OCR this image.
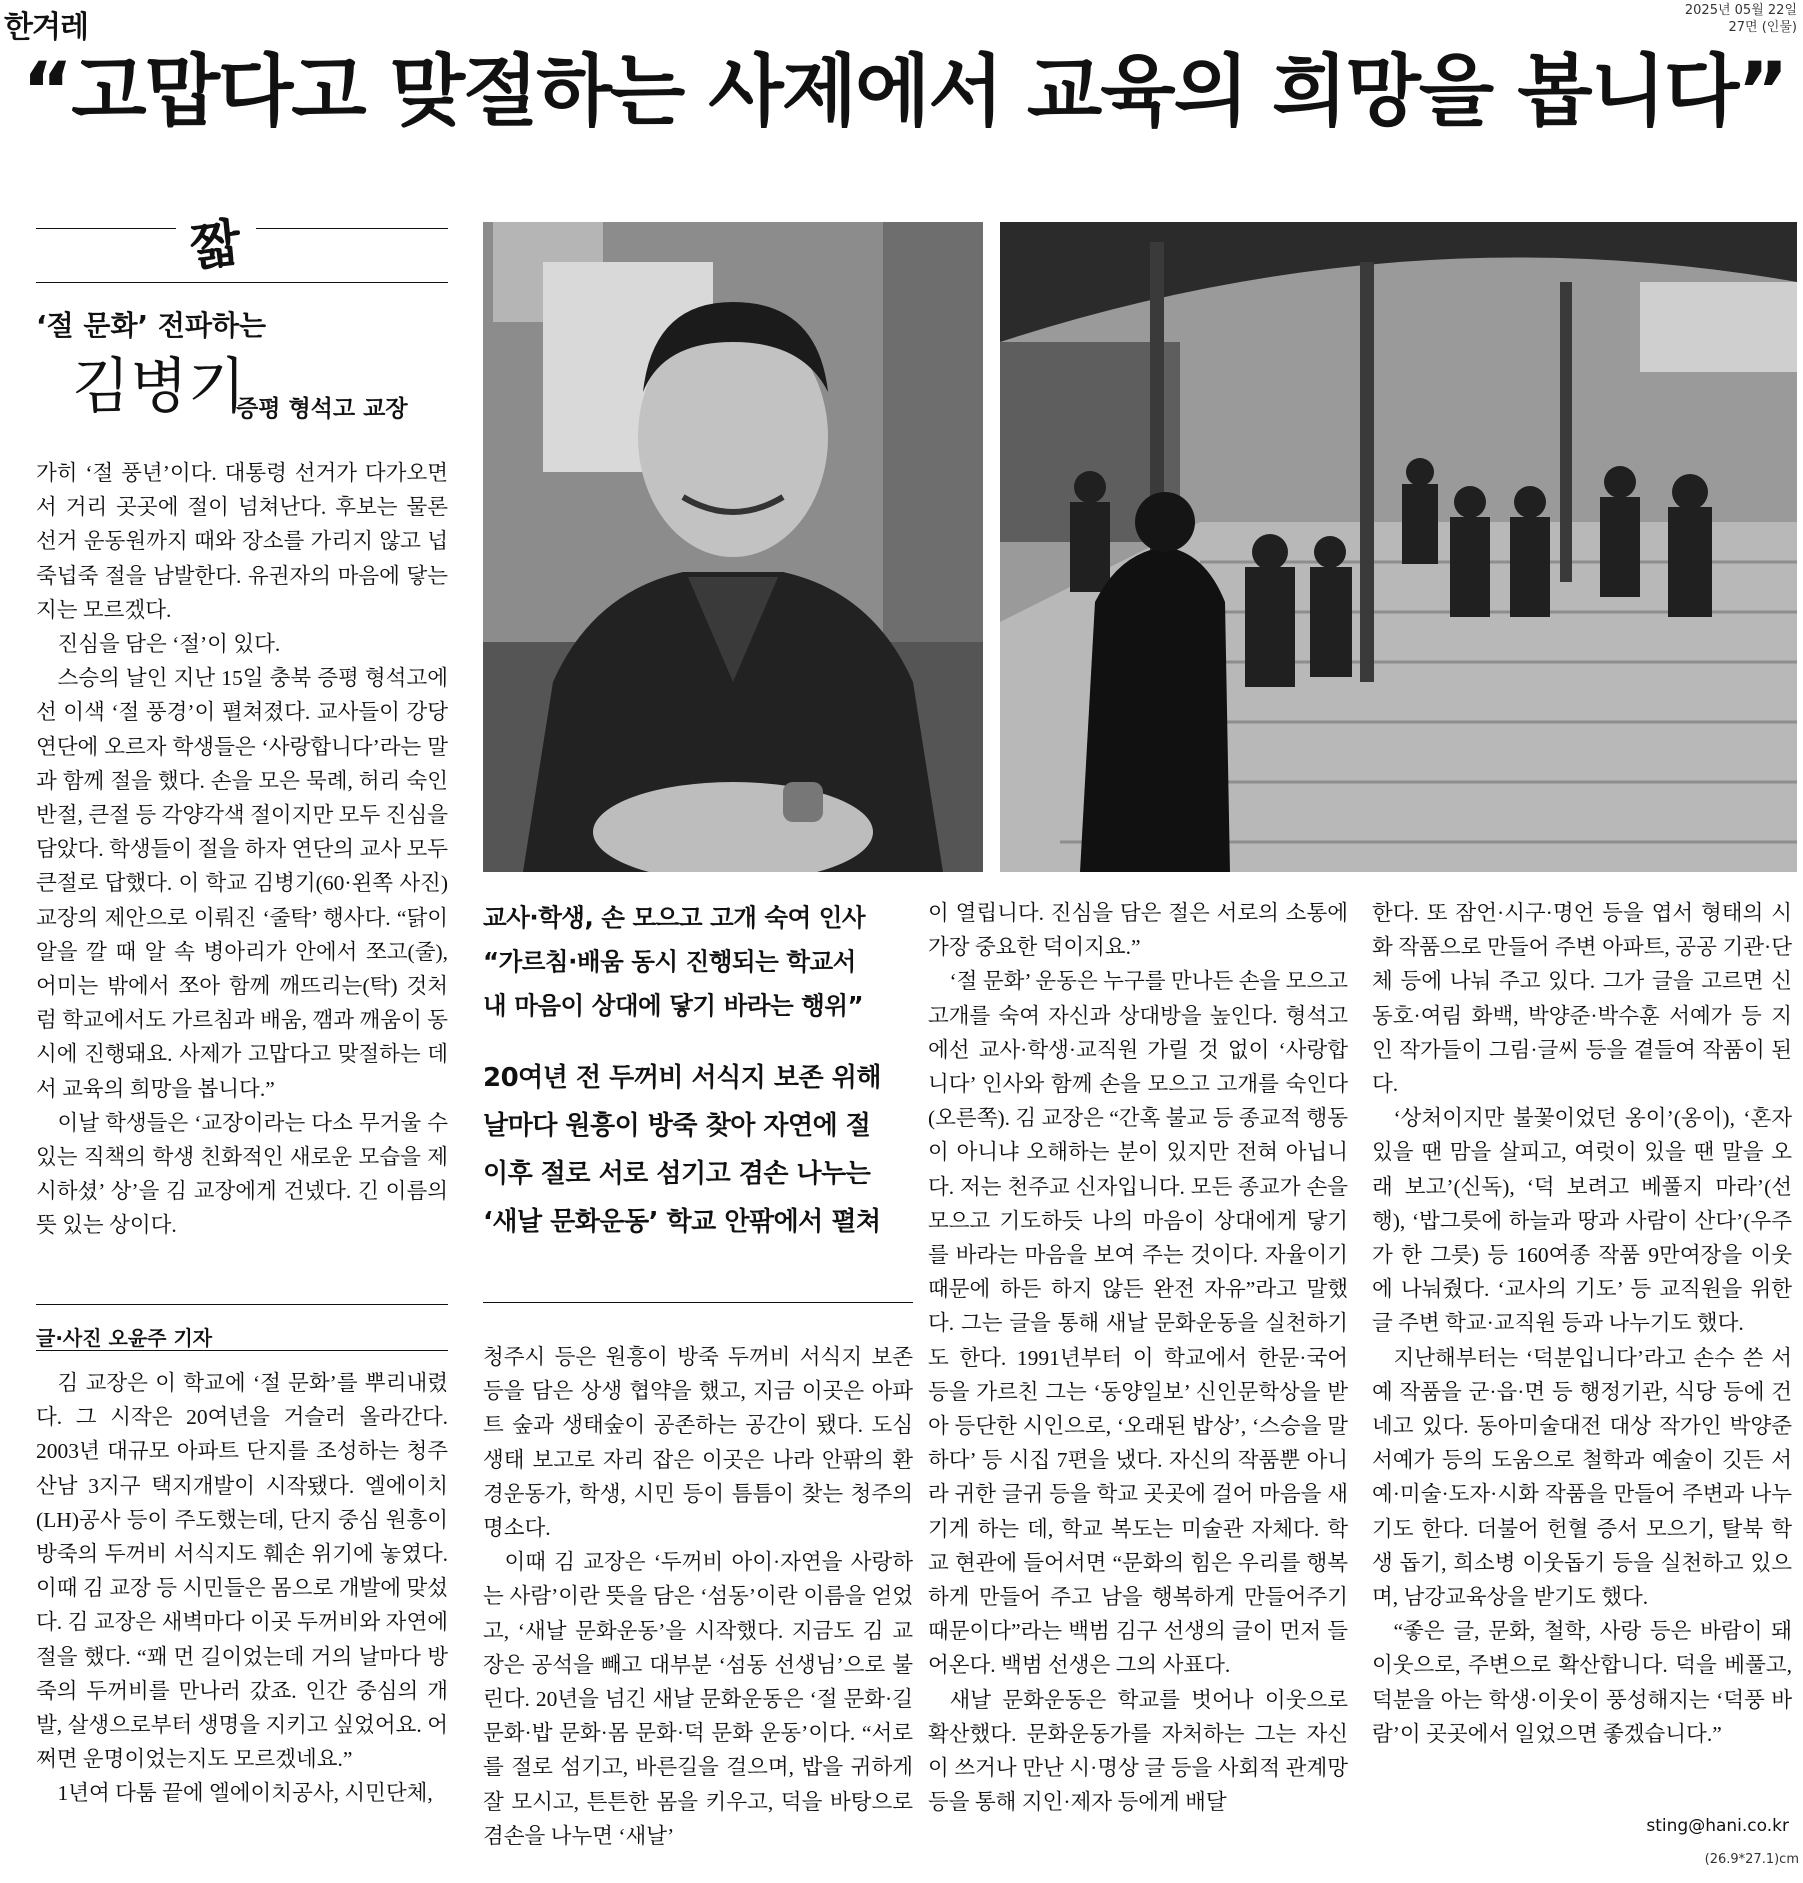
한겨레	2025년 05월 22일
27면 (인물)
“고맙다고 맞절하는 사제에서 교육의 희망을 봅니다”
짧
‘절 문화’ 전파하는
김병기
증평 형석고 교장

가히 ‘절 풍년’이다. 대통령 선거가 다가오면서 거리 곳곳에 절이 넘쳐난다. 후보는 물론 선거 운동원까지 때와 장소를 가리지 않고 넙죽넙죽 절을 남발한다. 유권자의 마음에 닿는지는 모르겠다.

진심을 담은 ‘절’이 있다.

스승의 날인 지난 15일 충북 증평 형석고에선 이색 ‘절 풍경’이 펼쳐졌다. 교사들이 강당 연단에 오르자 학생들은 ‘사랑합니다’라는 말과 함께 절을 했다. 손을 모은 묵례, 허리 숙인 반절, 큰절 등 각양각색 절이지만 모두 진심을 담았다. 학생들이 절을 하자 연단의 교사 모두 큰절로 답했다. 이 학교 김병기(60·왼쪽 사진) 교장의 제안으로 이뤄진 ‘줄탁’ 행사다. “닭이 알을 깔 때 알 속 병아리가 안에서 쪼고(줄), 어미는 밖에서 쪼아 함께 깨뜨리는(탁) 것처럼 학교에서도 가르침과 배움, 깸과 깨움이 동시에 진행돼요. 사제가 고맙다고 맞절하는 데서 교육의 희망을 봅니다.”

이날 학생들은 ‘교장이라는 다소 무거울 수 있는 직책의 학생 친화적인 새로운 모습을 제시하셨’ 상’을 김 교장에게 건넸다. 긴 이름의 뜻 있는 상이다.

글·사진 오윤주 기자

김 교장은 이 학교에 ‘절 문화’를 뿌리내렸다. 그 시작은 20여년을 거슬러 올라간다. 2003년 대규모 아파트 단지를 조성하는 청주 산남 3지구 택지개발이 시작됐다. 엘에이치(LH)공사 등이 주도했는데, 단지 중심 원흥이 방죽의 두꺼비 서식지도 훼손 위기에 놓였다. 이때 김 교장 등 시민들은 몸으로 개발에 맞섰다. 김 교장은 새벽마다 이곳 두꺼비와 자연에 절을 했다. “꽤 먼 길이었는데 거의 날마다 방죽의 두꺼비를 만나러 갔죠. 인간 중심의 개발, 살생으로부터 생명을 지키고 싶었어요. 어쩌면 운명이었는지도 모르겠네요.”

1년여 다툼 끝에 엘에이치공사, 시민단체,

교사·학생, 손 모으고 고개 숙여 인사
“가르침·배움 동시 진행되는 학교서
내 마음이 상대에 닿기 바라는 행위”
20여년 전 두꺼비 서식지 보존 위해
날마다 원흥이 방죽 찾아 자연에 절
이후 절로 서로 섬기고 겸손 나누는
‘새날 문화운동’ 학교 안팎에서 펼쳐

청주시 등은 원흥이 방죽 두꺼비 서식지 보존 등을 담은 상생 협약을 했고, 지금 이곳은 아파트 숲과 생태숲이 공존하는 공간이 됐다. 도심 생태 보고로 자리 잡은 이곳은 나라 안팎의 환경운동가, 학생, 시민 등이 틈틈이 찾는 청주의 명소다.

이때 김 교장은 ‘두꺼비 아이·자연을 사랑하는 사람’이란 뜻을 담은 ‘섬동’이란 이름을 얻었고, ‘새날 문화운동’을 시작했다. 지금도 김 교장은 공석을 빼고 대부분 ‘섬동 선생님’으로 불린다. 20년을 넘긴 새날 문화운동은 ‘절 문화·길 문화·밥 문화·몸 문화·덕 문화 운동’이다. “서로를 절로 섬기고, 바른길을 걸으며, 밥을 귀하게 잘 모시고, 튼튼한 몸을 키우고, 덕을 바탕으로 겸손을 나누면 ‘새날’

이 열립니다. 진심을 담은 절은 서로의 소통에 가장 중요한 덕이지요.”

‘절 문화’ 운동은 누구를 만나든 손을 모으고 고개를 숙여 자신과 상대방을 높인다. 형석고에선 교사·학생·교직원 가릴 것 없이 ‘사랑합니다’ 인사와 함께 손을 모으고 고개를 숙인다(오른쪽). 김 교장은 “간혹 불교 등 종교적 행동이 아니냐 오해하는 분이 있지만 전혀 아닙니다. 저는 천주교 신자입니다. 모든 종교가 손을 모으고 기도하듯 나의 마음이 상대에게 닿기를 바라는 마음을 보여 주는 것이다. 자율이기 때문에 하든 하지 않든 완전 자유”라고 말했다. 그는 글을 통해 새날 문화운동을 실천하기도 한다. 1991년부터 이 학교에서 한문·국어 등을 가르친 그는 ‘동양일보’ 신인문학상을 받아 등단한 시인으로, ‘오래된 밥상’, ‘스승을 말하다’ 등 시집 7편을 냈다. 자신의 작품뿐 아니라 귀한 글귀 등을 학교 곳곳에 걸어 마음을 새기게 하는 데, 학교 복도는 미술관 자체다. 학교 현관에 들어서면 “문화의 힘은 우리를 행복하게 만들어 주고 남을 행복하게 만들어주기 때문이다”라는 백범 김구 선생의 글이 먼저 들어온다. 백범 선생은 그의 사표다.

새날 문화운동은 학교를 벗어나 이웃으로 확산했다. 문화운동가를 자처하는 그는 자신이 쓰거나 만난 시·명상 글 등을 사회적 관계망 등을 통해 지인·제자 등에게 배달

한다. 또 잠언·시구·명언 등을 엽서 형태의 시화 작품으로 만들어 주변 아파트, 공공 기관·단체 등에 나눠 주고 있다. 그가 글을 고르면 신동호·여림 화백, 박양준·박수훈 서예가 등 지인 작가들이 그림·글씨 등을 곁들여 작품이 된다.

‘상처이지만 불꽃이었던 옹이’(옹이), ‘혼자 있을 땐 맘을 살피고, 여럿이 있을 땐 말을 오래 보고’(신독), ‘덕 보려고 베풀지 마라’(선행), ‘밥그릇에 하늘과 땅과 사람이 산다’(우주가 한 그릇) 등 160여종 작품 9만여장을 이웃에 나눠줬다. ‘교사의 기도’ 등 교직원을 위한 글 주변 학교·교직원 등과 나누기도 했다.

지난해부터는 ‘덕분입니다’라고 손수 쓴 서예 작품을 군·읍·면 등 행정기관, 식당 등에 건네고 있다. 동아미술대전 대상 작가인 박양준 서예가 등의 도움으로 철학과 예술이 깃든 서예·미술·도자·시화 작품을 만들어 주변과 나누기도 한다. 더불어 헌혈 증서 모으기, 탈북 학생 돕기, 희소병 이웃돕기 등을 실천하고 있으며, 남강교육상을 받기도 했다.

“좋은 글, 문화, 철학, 사랑 등은 바람이 돼 이웃으로, 주변으로 확산합니다. 덕을 베풀고, 덕분을 아는 학생·이웃이 풍성해지는 ‘덕풍 바람’이 곳곳에서 일었으면 좋겠습니다.”

sting@hani.co.kr
(26.9*27.1)cm
